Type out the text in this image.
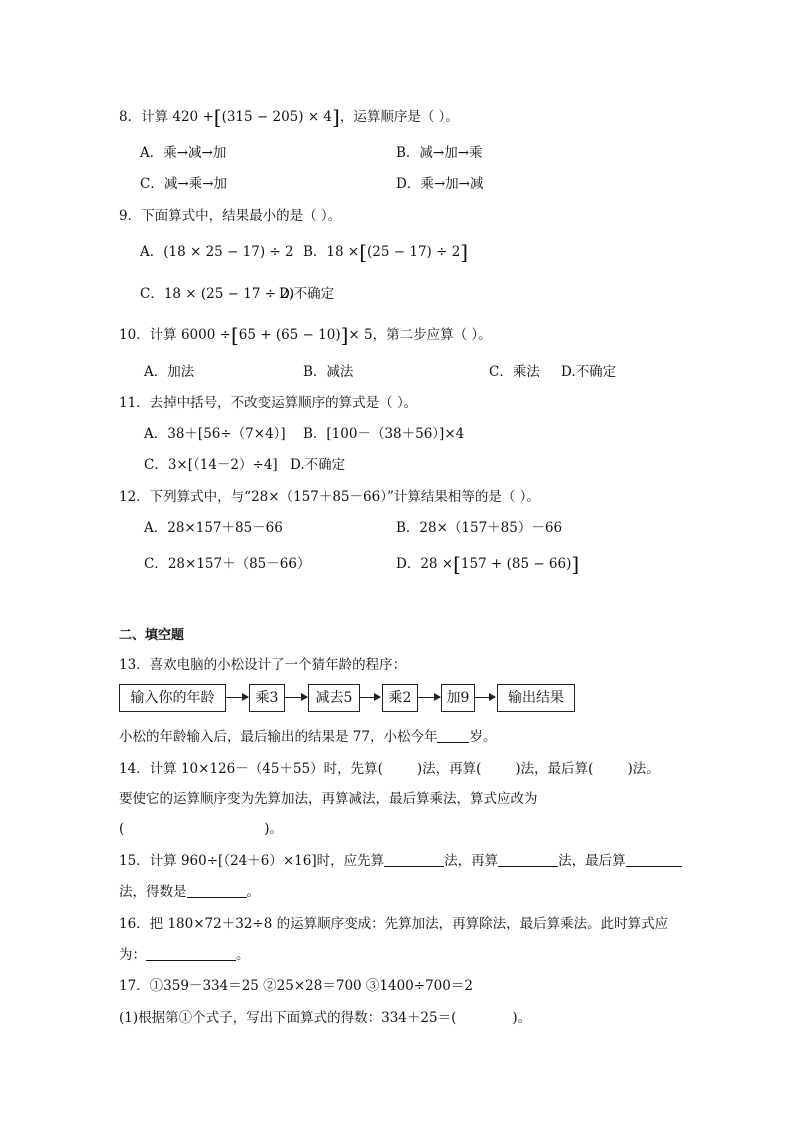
8．计算 420 +[(315 − 205) × 4]，运算顺序是（ ）。
A．乘→减→加	B．减→加→乘
C．减→乘→加	D．乘→加→减
9．下面算式中，结果最小的是（ ）。
A．(18 × 25 − 17) ÷ 2 B．18 ×[(25 − 17) ÷ 2]
C．18 × (25 − 17 ÷ 2)
D.不确定
10．计算 6000 ÷[65 + (65 − 10)]× 5，第二步应算（ ）。
A．加法	B．减法	C．乘法 D.不确定
11．去掉中括号，不改变运算顺序的算式是（ ）。
A．38＋[56÷（7×4）] B．[100－（38＋56）]×4
C．3×[（14－2）÷4] D.不确定
12．下列算式中，与“28×（157＋85－66）”计算结果相等的是（ ）。
A．28×157＋85－66	B．28×（157＋85）－66
C．28×157＋（85－66）	D．28 ×[157 + (85 − 66)]
二、填空题
13．喜欢电脑的小松设计了一个猜年龄的程序：
输入你的年龄	乘3	减去5	乘2	加9	输出结果
小松的年龄输入后，最后输出的结果是 77，小松今年 岁。
14．计算 10×126－（45＋55）时，先算(	)法，再算(	)法，最后算(	)法。
要使它的运算顺序变为先算加法，再算减法，最后算乘法，算式应改为
(	)。
15．计算 960÷[（24＋6）×16]时，应先算	法，再算	法，最后算
法，得数是	。
16．把 180×72＋32÷8 的运算顺序变成：先算加法，再算除法，最后算乘法。此时算式应
为：	。
17．①359－334＝25 ②25×28＝700 ③1400÷700＝2
(1)根据第①个式子，写出下面算式的得数：334＋25＝(	)。
